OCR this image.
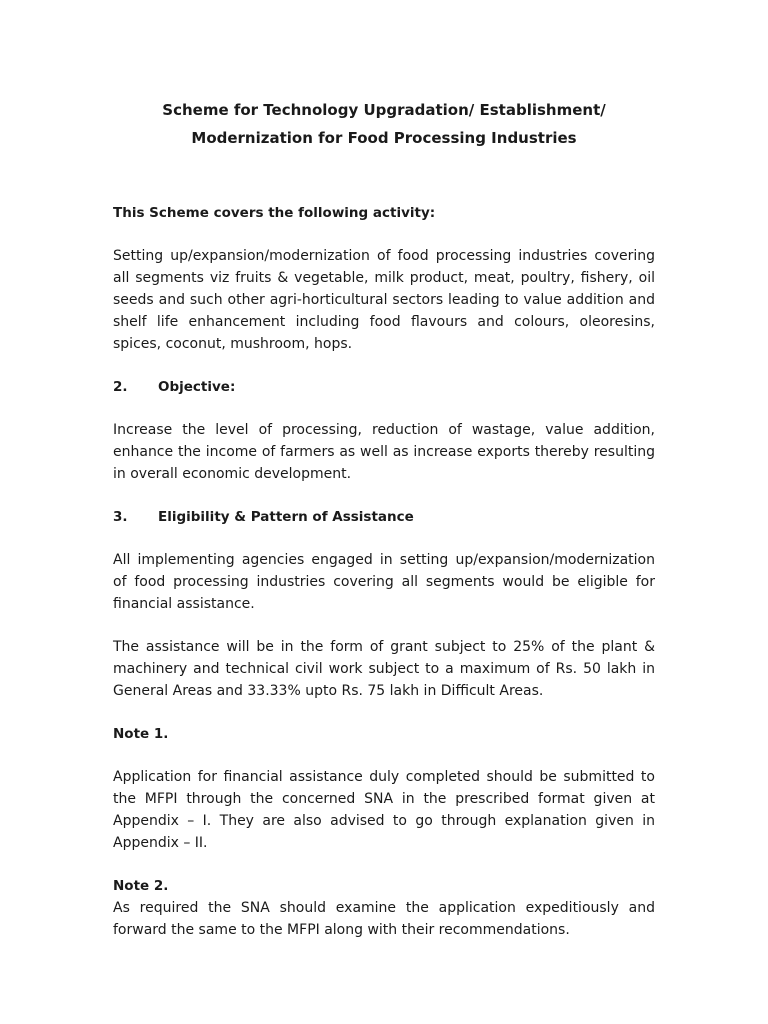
Scheme for Technology Upgradation/ Establishment/
Modernization for Food Processing Industries

This Scheme covers the following activity:

Setting up/expansion/modernization of food processing industries covering all segments viz fruits & vegetable, milk product, meat, poultry, fishery, oil seeds and such other agri-horticultural sectors leading to value addition and shelf life enhancement including food flavours and colours, oleoresins, spices, coconut, mushroom, hops.

2. Objective:

Increase the level of processing, reduction of wastage, value addition, enhance the income of farmers as well as increase exports thereby resulting in overall economic development.

3. Eligibility & Pattern of Assistance

All implementing agencies engaged in setting up/expansion/modernization of food processing industries covering all segments would be eligible for financial assistance.

The assistance will be in the form of grant subject to 25% of the plant & machinery and technical civil work subject to a maximum of Rs. 50 lakh in General Areas and 33.33% upto Rs. 75 lakh in Difficult Areas.

Note 1.

Application for financial assistance duly completed should be submitted to the MFPI through the concerned SNA in the prescribed format given at Appendix – I. They are also advised to go through explanation given in Appendix – II.

Note 2.

As required the SNA should examine the application expeditiously and forward the same to the MFPI along with their recommendations.
